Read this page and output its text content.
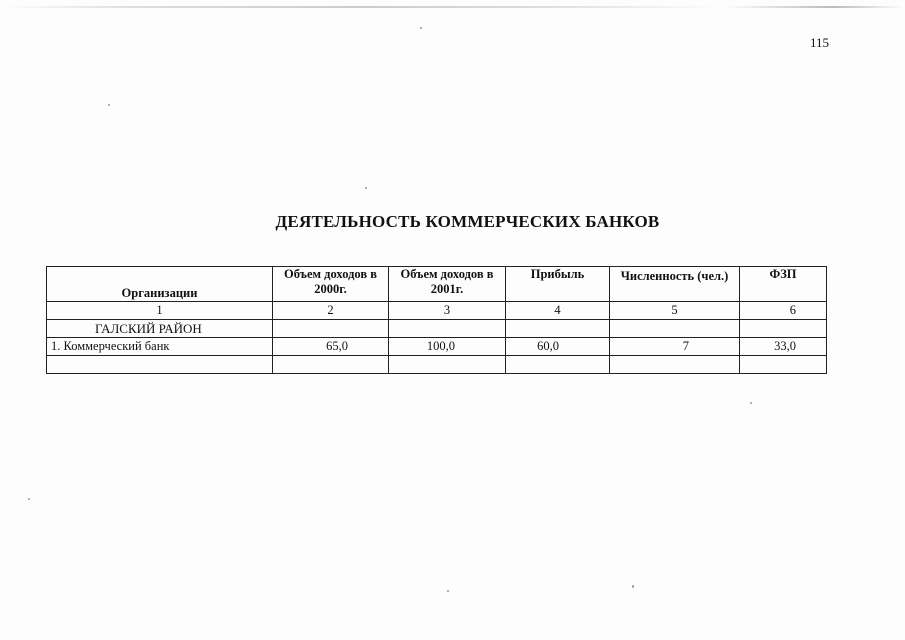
115
ДЕЯТЕЛЬНОСТЬ КОММЕРЧЕСКИХ БАНКОВ
Организации	Объем доходов в 2000г.	Объем доходов в 2001г.	Прибыль	Численность (чел.)	ФЗП
1	2	3	4	5	6
ГАЛСКИЙ РАЙОН					
1. Коммерческий банк	65,0	100,0	60,0	7	33,0
